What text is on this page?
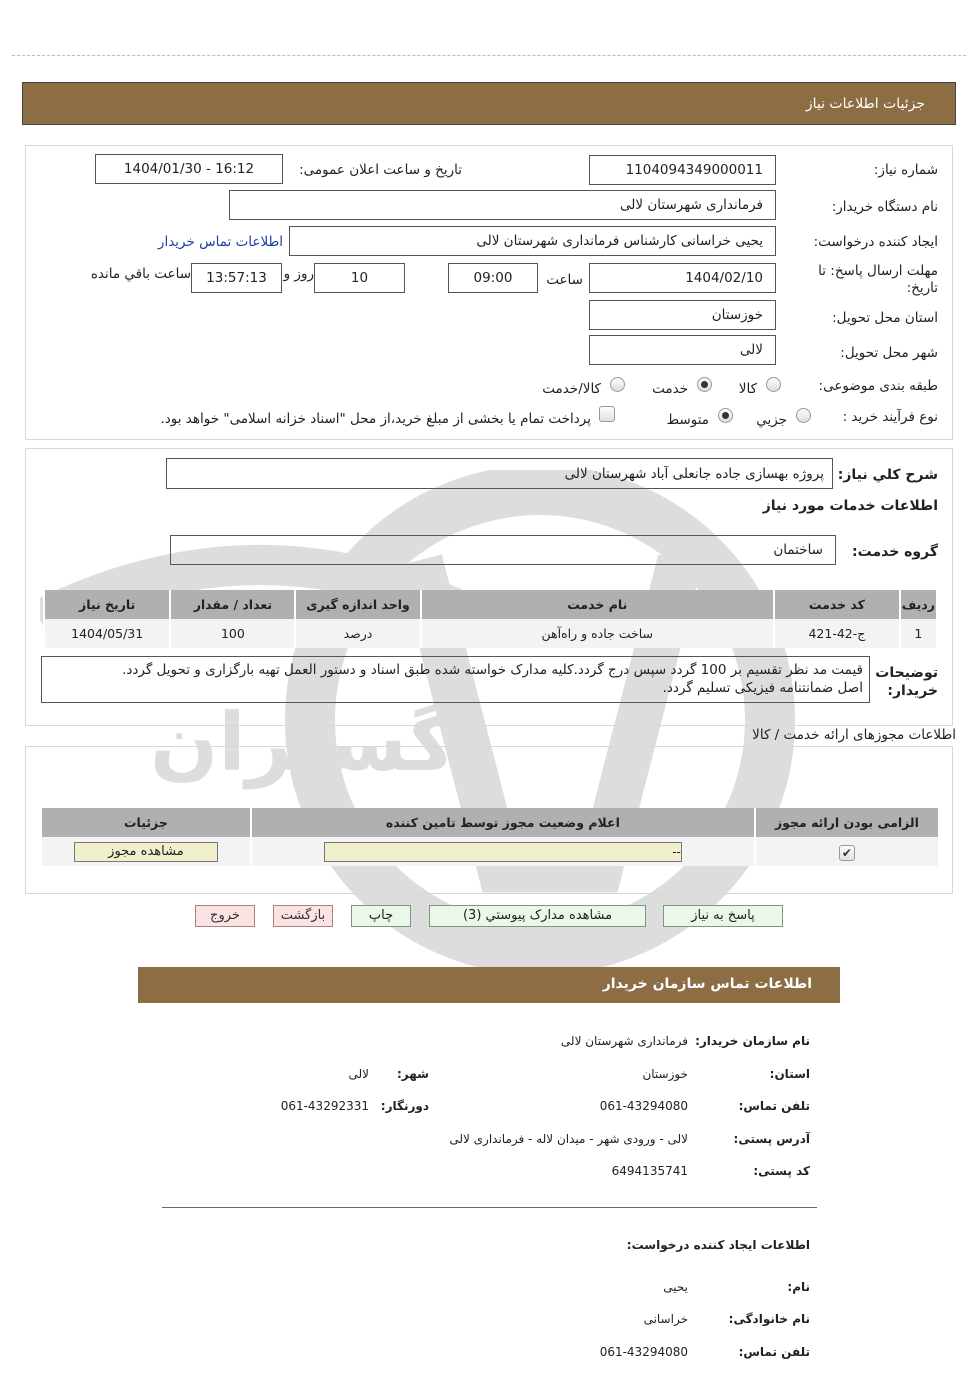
جزئیات اطلاعات نیاز
گستران
شماره نیاز:
1104094349000011
تاریخ و ساعت اعلان عمومی:
1404/01/30 - 16:12
نام دستگاه خریدار:
فرمانداری شهرستان لالی
ایجاد کننده درخواست:
یحیی خراسانی کارشناس فرمانداری شهرستان لالی
اطلاعات تماس خریدار
مهلت ارسال پاسخ: تا
تاریخ:
1404/02/10
ساعت
09:00
10
روز و
13:57:13
ساعت باقي مانده
استان محل تحویل:
خوزستان
شهر محل تحویل:
لالی
طبقه بندی موضوعی:
کالا
خدمت
کالا/خدمت
نوع فرآیند خرید :
جزیي
متوسط
پرداخت تمام یا بخشی از مبلغ خرید،از محل "اسناد خزانه اسلامی" خواهد بود.
شرح كلي نياز:
پروژه بهسازی جاده جانعلی آباد شهرستان لالی
اطلاعات خدمات مورد نياز
گروه خدمت:
ساختمان
رديف	کد خدمت	نام خدمت	واحد اندازه گیری	تعداد / مقدار	تاریخ نیاز
1	ج-42-421	ساخت جاده و راه‌آهن	درصد	100	1404/05/31
توضیحات
خریدار:
قیمت مد نظر تقسیم بر 100 گردد سپس درج گردد.کلیه مدارک خواسته شده طبق اسناد و دستور العمل تهیه بارگزاری و تحویل گردد.
اصل ضمانتنامه فیزیکی تسلیم گردد.
اطلاعات مجوزهای ارائه خدمت / کالا
الزامی بودن ارائه مجوز	اعلام وضعیت مجوز توسط تامین کننده	جزئیات
✔	--	مشاهده مجوز
پاسخ به نیاز
مشاهده مدارک پیوستي (3)
چاپ
بازگشت
خروج
اطلاعات تماس سازمان خریدار
نام سازمان خریدار:
فرمانداری شهرستان لالی
استان:
خوزستان
شهر:
لالی
تلفن تماس:
061-43294080
دورنگار:
061-43292331
آدرس پستی:
لالی - ورودی شهر - میدان لاله - فرمانداری لالی
کد پستی:
6494135741
اطلاعات ایجاد کننده درخواست:
نام:
یحیی
نام خانوادگی:
خراسانی
تلفن تماس:
061-43294080
